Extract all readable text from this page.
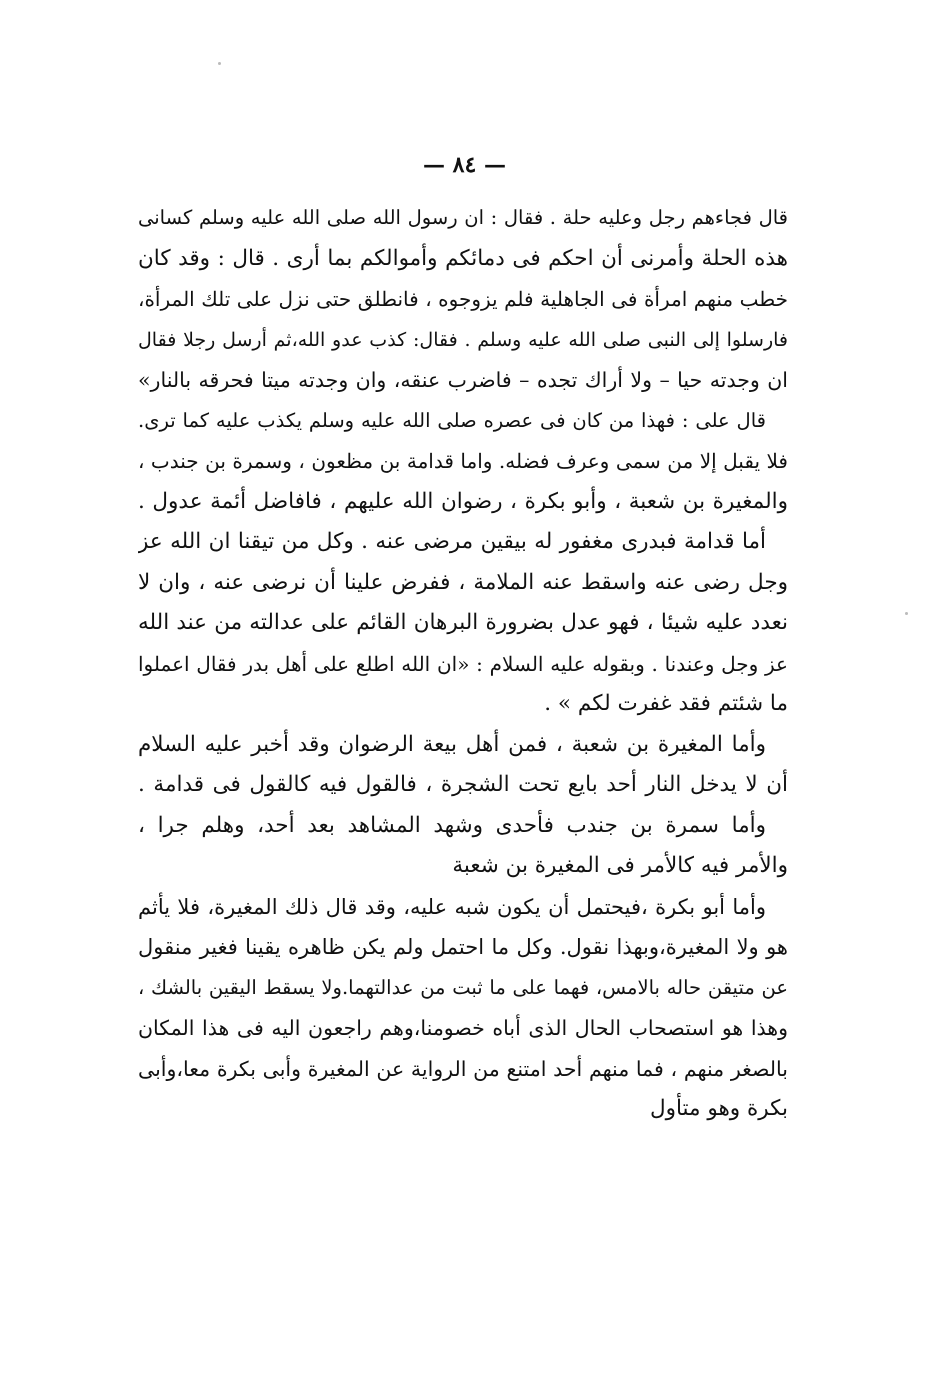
— ٨٤ —
قال فجاءهم رجل وعليه حلة . فقال : ان رسول الله صلى الله عليه وسلم كسانى
هذه الحلة وأمرنى أن احكم فى دمائكم وأموالكم بما أرى . قال : وقد كان
خطب منهم امرأة فى الجاهلية فلم يزوجوه ، فانطلق حتى نزل على تلك المرأة،
فارسلوا إلى النبى صلى الله عليه وسلم . فقال: كذب عدو الله،ثم أرسل رجلا فقال
ان وجدته حيا – ولا أراك تجده – فاضرب عنقه، وان وجدته ميتا فحرقه بالنار»
قال على : فهذا من كان فى عصره صلى الله عليه وسلم يكذب عليه كما ترى.
فلا يقبل إلا من سمى وعرف فضله. واما قدامة بن مظعون ، وسمرة بن جندب ،
والمغيرة بن شعبة ، وأبو بكرة ، رضوان الله عليهم ، فافاضل أئمة عدول .
أما قدامة فبدرى مغفور له بيقين مرضى عنه . وكل من تيقنا ان الله عز
وجل رضى عنه واسقط عنه الملامة ، ففرض علينا أن نرضى عنه ، وان لا
نعدد عليه شيئا ، فهو عدل بضرورة البرهان القائم على عدالته من عند الله
عز وجل وعندنا . وبقوله عليه السلام : «ان الله اطلع على أهل بدر فقال اعملوا
ما شئتم فقد غفرت لكم » .
وأما المغيرة بن شعبة ، فمن أهل بيعة الرضوان وقد أخبر عليه السلام
أن لا يدخل النار أحد بايع تحت الشجرة ، فالقول فيه كالقول فى قدامة .
وأما سمرة بن جندب فأحدى وشهد المشاهد بعد أحد، وهلم جرا ،
والأمر فيه كالأمر فى المغيرة بن شعبة
وأما أبو بكرة ،فيحتمل أن يكون شبه عليه، وقد قال ذلك المغيرة، فلا يأثم
هو ولا المغيرة،وبهذا نقول. وكل ما احتمل ولم يكن ظاهره يقينا فغير منقول
عن متيقن حاله بالامس، فهما على ما ثبت من عدالتهما.ولا يسقط اليقين بالشك ،
وهذا هو استصحاب الحال الذى أباه خصومنا،وهم راجعون اليه فى هذا المكان
بالصغر منهم ، فما منهم أحد امتنع من الرواية عن المغيرة وأبى بكرة معا،وأبى
بكرة وهو متأول
